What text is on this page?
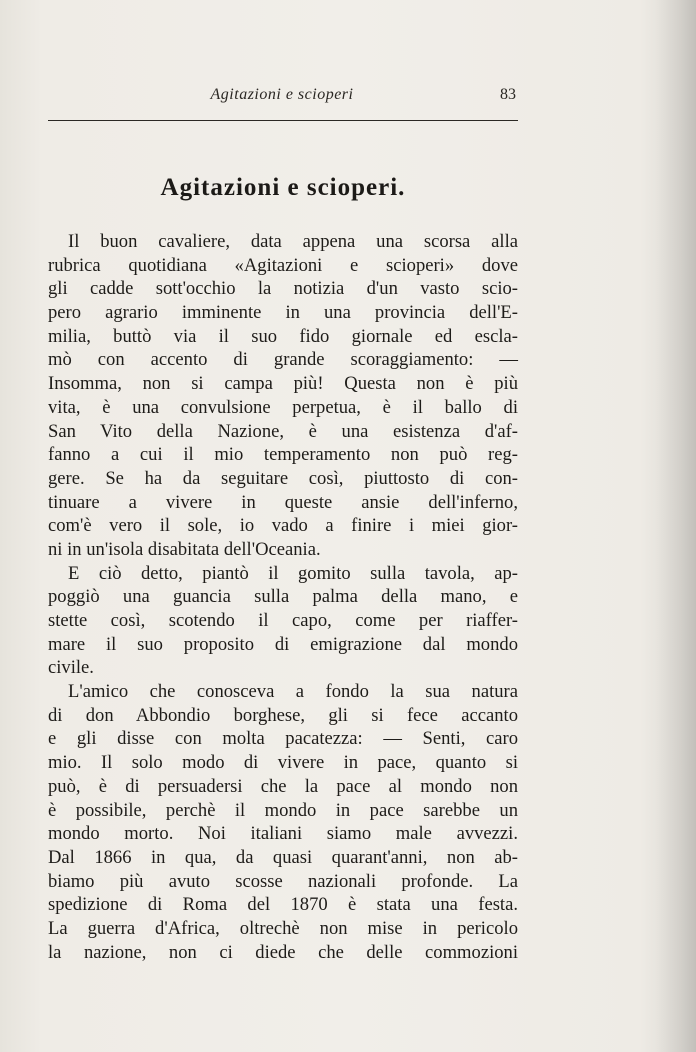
Agitazioni e scioperi	83
Agitazioni e scioperi.
Il buon cavaliere, data appena una scorsa alla
rubrica quotidiana «Agitazioni e scioperi» dove
gli cadde sott'occhio la notizia d'un vasto scio-
pero agrario imminente in una provincia dell'E-
milia, buttò via il suo fido giornale ed escla-
mò con accento di grande scoraggiamento: —
Insomma, non si campa più! Questa non è più
vita, è una convulsione perpetua, è il ballo di
San Vito della Nazione, è una esistenza d'af-
fanno a cui il mio temperamento non può reg-
gere. Se ha da seguitare così, piuttosto di con-
tinuare a vivere in queste ansie dell'inferno,
com'è vero il sole, io vado a finire i miei gior-
ni in un'isola disabitata dell'Oceania.
E ciò detto, piantò il gomito sulla tavola, ap-
poggiò una guancia sulla palma della mano, e
stette così, scotendo il capo, come per riaffer-
mare il suo proposito di emigrazione dal mondo
civile.
L'amico che conosceva a fondo la sua natura
di don Abbondio borghese, gli si fece accanto
e gli disse con molta pacatezza: — Senti, caro
mio. Il solo modo di vivere in pace, quanto si
può, è di persuadersi che la pace al mondo non
è possibile, perchè il mondo in pace sarebbe un
mondo morto. Noi italiani siamo male avvezzi.
Dal 1866 in qua, da quasi quarant'anni, non ab-
biamo più avuto scosse nazionali profonde. La
spedizione di Roma del 1870 è stata una festa.
La guerra d'Africa, oltrechè non mise in pericolo
la nazione, non ci diede che delle commozioni
